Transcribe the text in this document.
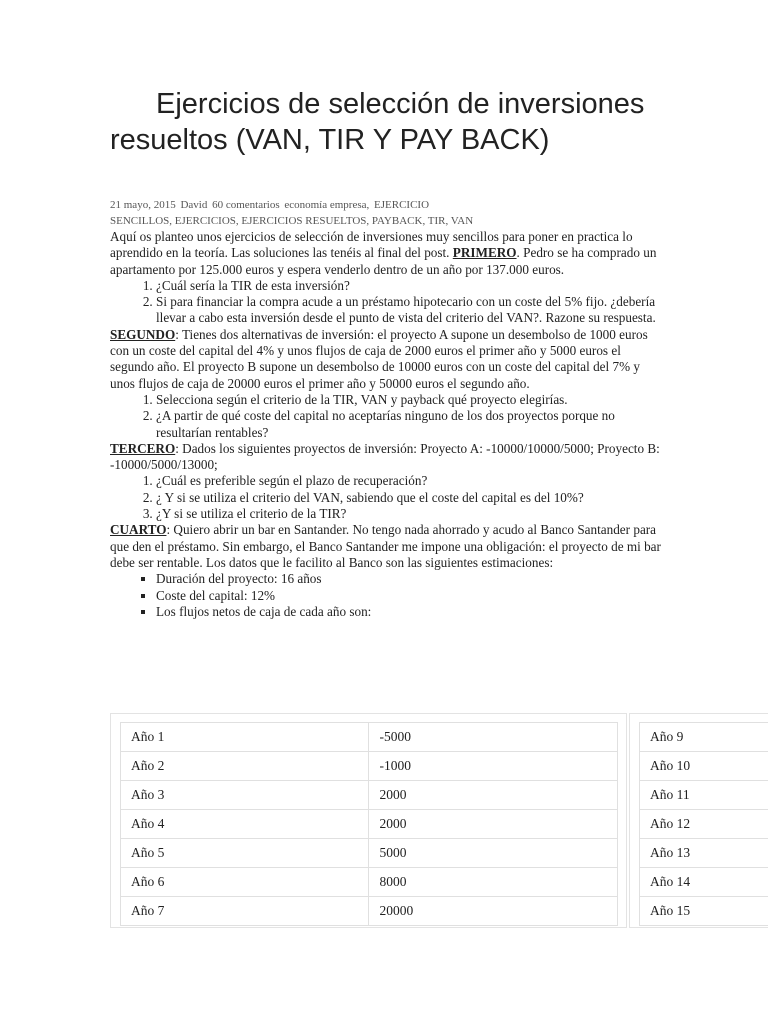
Ejercicios de selección de inversiones resueltos (VAN, TIR Y PAY BACK)
21 mayo, 2015 David 60 comentarios economía empresa, EJERCICIO
SENCILLOS, EJERCICIOS, EJERCICIOS RESUELTOS, PAYBACK, TIR, VAN

Aquí os planteo unos ejercicios de selección de inversiones muy sencillos para poner en practica lo aprendido en la teoría. Las soluciones las tenéis al final del post. PRIMERO. Pedro se ha comprado un apartamento por 125.000 euros y espera venderlo dentro de un año por 137.000 euros.

1. ¿Cuál sería la TIR de esta inversión?
2. Si para financiar la compra acude a un préstamo hipotecario con un coste del 5% fijo. ¿debería llevar a cabo esta inversión desde el punto de vista del criterio del VAN?. Razone su respuesta.

SEGUNDO: Tienes dos alternativas de inversión: el proyecto A supone un desembolso de 1000 euros con un coste del capital del 4% y unos flujos de caja de 2000 euros el primer año y 5000 euros el segundo año. El proyecto B supone un desembolso de 10000 euros con un coste del capital del 7% y unos flujos de caja de 20000 euros el primer año y 50000 euros el segundo año.

1. Selecciona según el criterio de la TIR, VAN y payback qué proyecto elegirías.
2. ¿A partir de qué coste del capital no aceptarías ninguno de los dos proyectos porque no resultarían rentables?

TERCERO: Dados los siguientes proyectos de inversión: Proyecto A: -10000/10000/5000; Proyecto B: -10000/5000/13000;

1. ¿Cuál es preferible según el plazo de recuperación?
2. ¿ Y si se utiliza el criterio del VAN, sabiendo que el coste del capital es del 10%?
3. ¿Y si se utiliza el criterio de la TIR?

CUARTO: Quiero abrir un bar en Santander. No tengo nada ahorrado y acudo al Banco Santander para que den el préstamo. Sin embargo, el Banco Santander me impone una obligación: el proyecto de mi bar debe ser rentable. Los datos que le facilito al Banco son las siguientes estimaciones:

▪ Duración del proyecto: 16 años
▪ Coste del capital: 12%
▪ Los flujos netos de caja de cada año son:
Año 1	-5000
Año 2	-1000
Año 3	2000
Año 4	2000
Año 5	5000
Año 6	8000
Año 7	20000
Año 9
Año 10
Año 11
Año 12
Año 13
Año 14
Año 15
